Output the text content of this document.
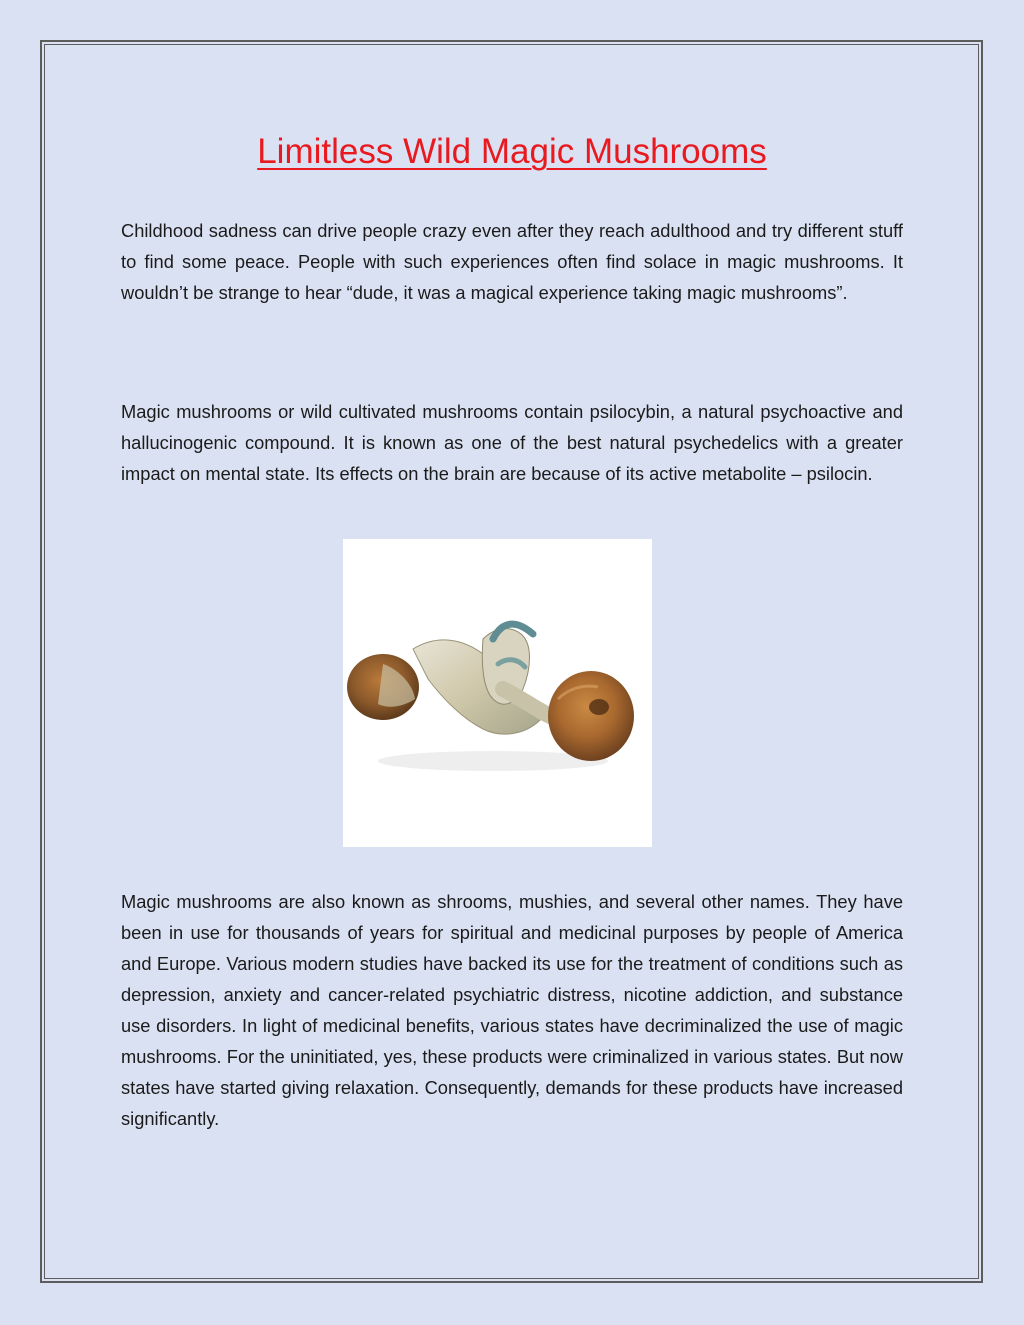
Limitless Wild Magic Mushrooms

Childhood sadness can drive people crazy even after they reach adulthood and try different stuff to find some peace. People with such experiences often find solace in magic mushrooms. It wouldn’t be strange to hear “dude, it was a magical experience taking magic mushrooms”.

Magic mushrooms or wild cultivated mushrooms contain psilocybin, a natural psychoactive and hallucinogenic compound. It is known as one of the best natural psychedelics with a greater impact on mental state. Its effects on the brain are because of its active metabolite – psilocin.

Magic mushrooms are also known as shrooms, mushies, and several other names. They have been in use for thousands of years for spiritual and medicinal purposes by people of America and Europe. Various modern studies have backed its use for the treatment of conditions such as depression, anxiety and cancer-related psychiatric distress, nicotine addiction, and substance use disorders. In light of medicinal benefits, various states have decriminalized the use of magic mushrooms. For the uninitiated, yes, these products were criminalized in various states. But now states have started giving relaxation. Consequently, demands for these products have increased significantly.
